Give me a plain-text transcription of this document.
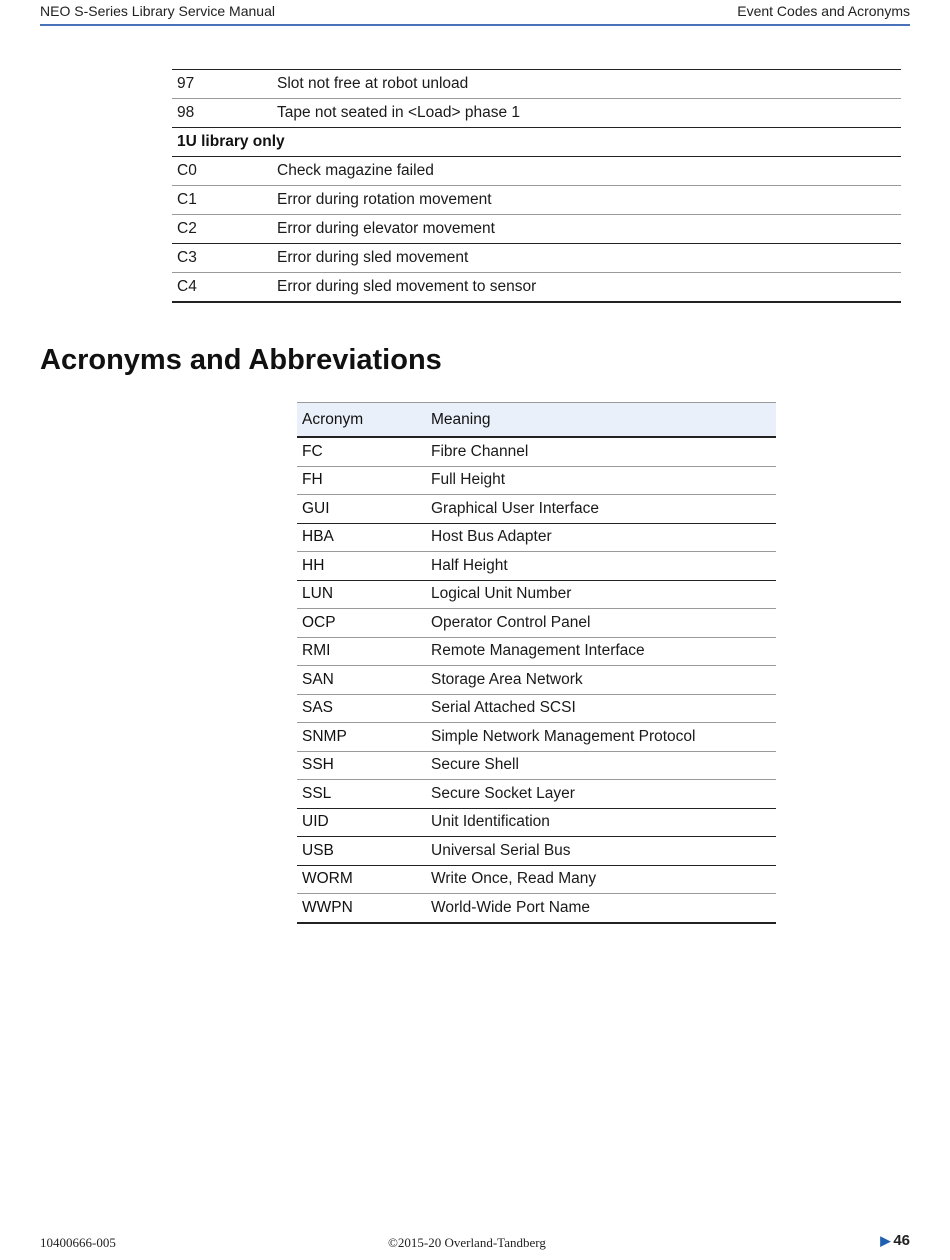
NEO S-Series Library Service Manual	Event Codes and Acronyms
97	Slot not free at robot unload
98	Tape not seated in <Load> phase 1
1U library only	
C0	Check magazine failed
C1	Error during rotation movement
C2	Error during elevator movement
C3	Error during sled movement
C4	Error during sled movement to sensor
Acronyms and Abbreviations
Acronym	Meaning
FC	Fibre Channel
FH	Full Height
GUI	Graphical User Interface
HBA	Host Bus Adapter
HH	Half Height
LUN	Logical Unit Number
OCP	Operator Control Panel
RMI	Remote Management Interface
SAN	Storage Area Network
SAS	Serial Attached SCSI
SNMP	Simple Network Management Protocol
SSH	Secure Shell
SSL	Secure Socket Layer
UID	Unit Identification
USB	Universal Serial Bus
WORM	Write Once, Read Many
WWPN	World-Wide Port Name
10400666-005	©2015-20 Overland-Tandberg	▶ 46
